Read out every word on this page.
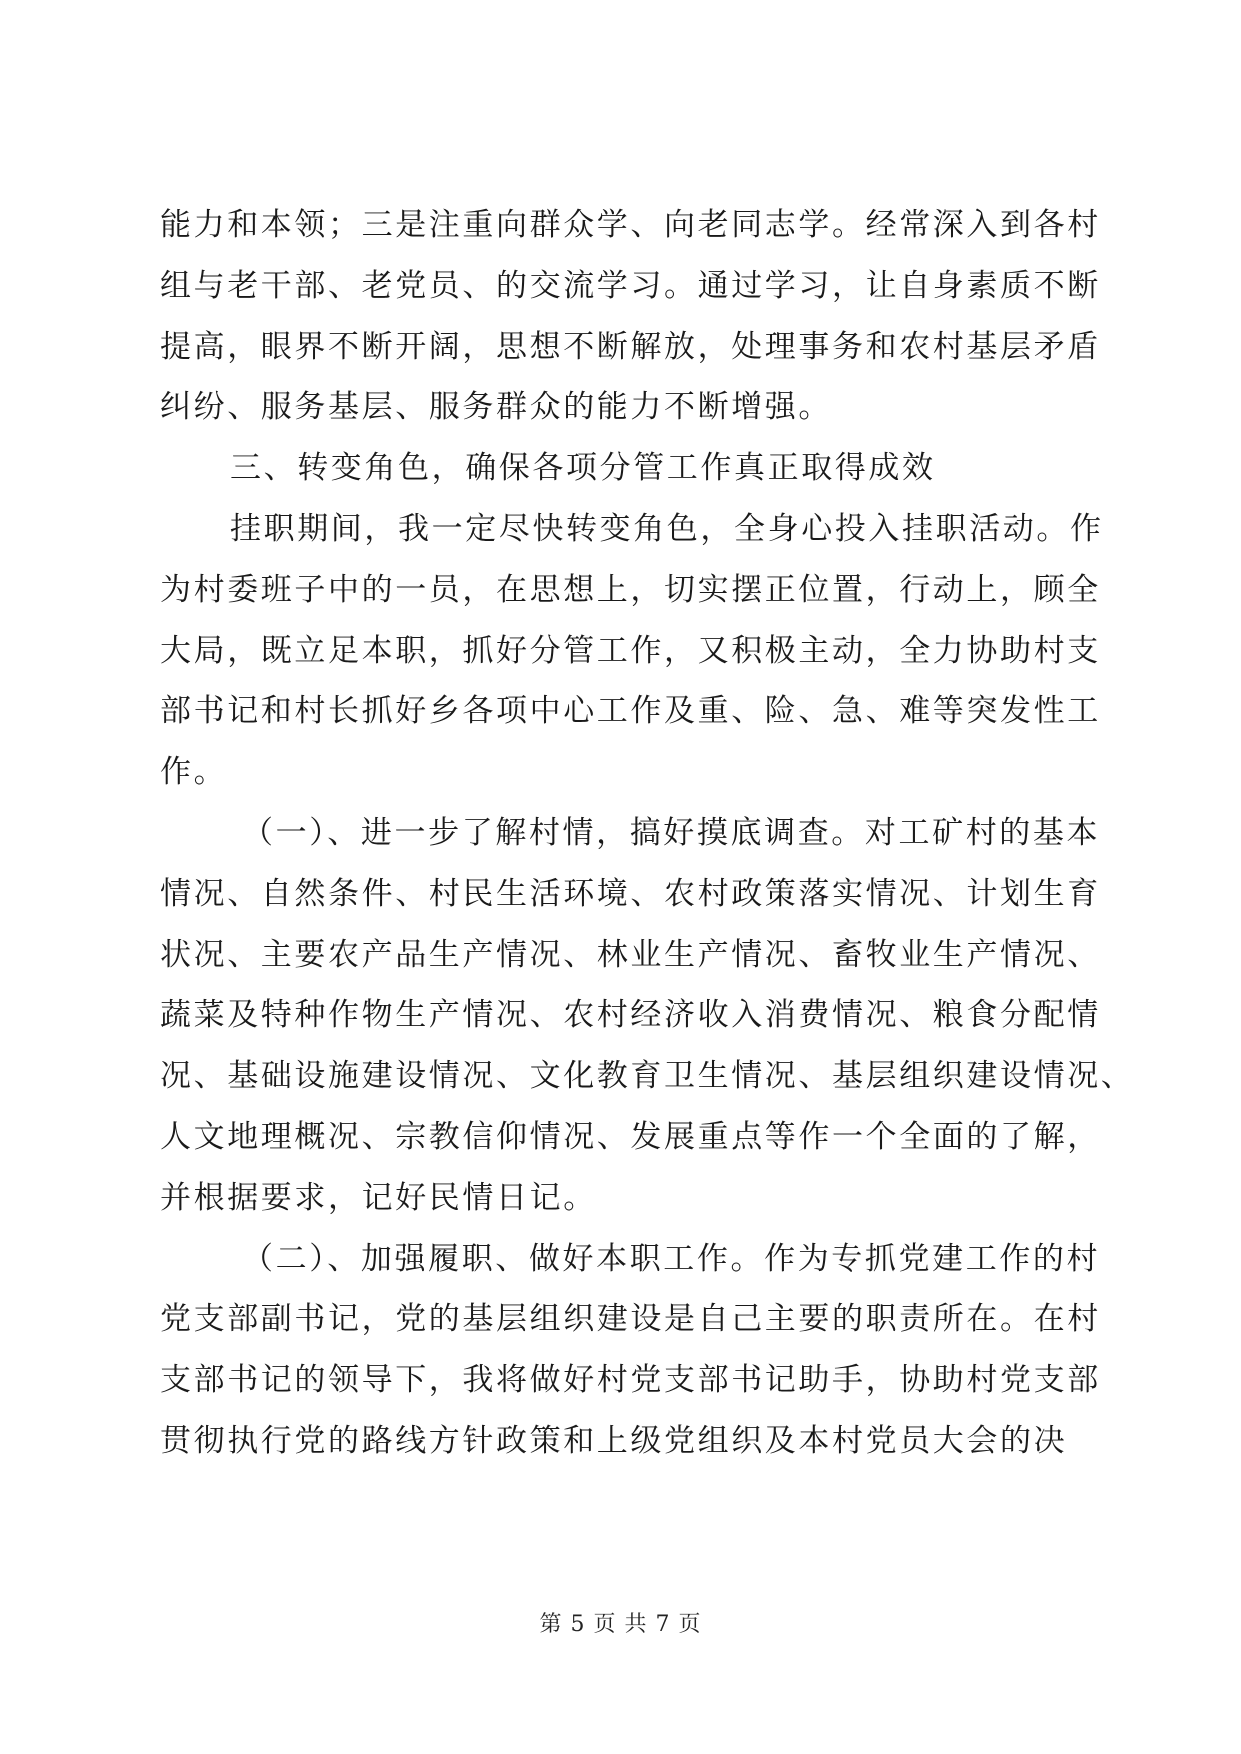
能力和本领；三是注重向群众学、向老同志学。经常深入到各村
组与老干部、老党员、的交流学习。通过学习，让自身素质不断
提高，眼界不断开阔，思想不断解放，处理事务和农村基层矛盾
纠纷、服务基层、服务群众的能力不断增强。
三、转变角色，确保各项分管工作真正取得成效
挂职期间，我一定尽快转变角色，全身心投入挂职活动。作
为村委班子中的一员，在思想上，切实摆正位置，行动上，顾全
大局，既立足本职，抓好分管工作，又积极主动，全力协助村支
部书记和村长抓好乡各项中心工作及重、险、急、难等突发性工
作。
（一）、进一步了解村情，搞好摸底调查。对工矿村的基本
情况、自然条件、村民生活环境、农村政策落实情况、计划生育
状况、主要农产品生产情况、林业生产情况、畜牧业生产情况、
蔬菜及特种作物生产情况、农村经济收入消费情况、粮食分配情
况、基础设施建设情况、文化教育卫生情况、基层组织建设情况、
人文地理概况、宗教信仰情况、发展重点等作一个全面的了解，
并根据要求，记好民情日记。
（二）、加强履职、做好本职工作。作为专抓党建工作的村
党支部副书记，党的基层组织建设是自己主要的职责所在。在村
支部书记的领导下，我将做好村党支部书记助手，协助村党支部
贯彻执行党的路线方针政策和上级党组织及本村党员大会的决
第 5 页 共 7 页
